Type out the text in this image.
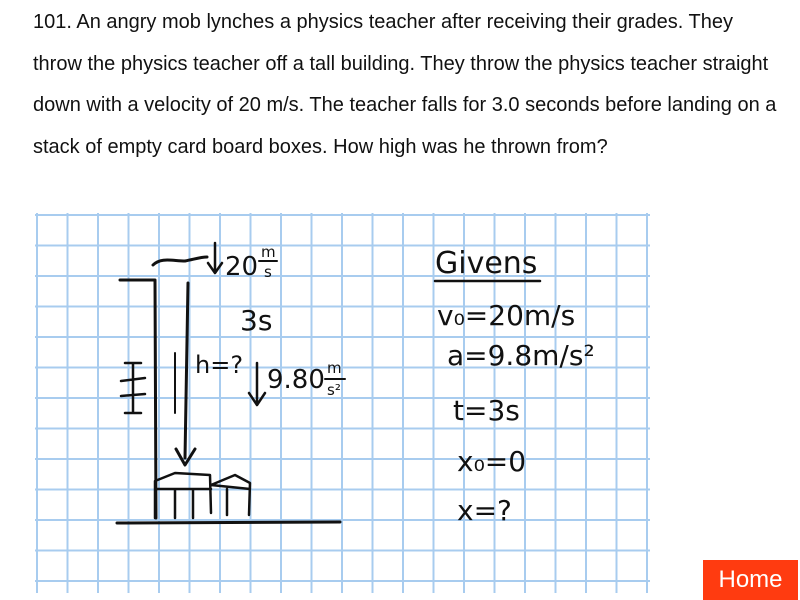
101. An angry mob lynches a physics teacher after receiving their grades. They throw the physics teacher off a tall building. They throw the physics teacher straight down with a velocity of 20 m/s. The teacher falls for 3.0 seconds before landing on a stack of empty card board boxes. How high was he thrown from?

20 m
s
3s
h=? 9.80 m
s²
Givens
v₀=20m/s
a=9.8m/s²
t=3s
x₀=0
x=?
Home
